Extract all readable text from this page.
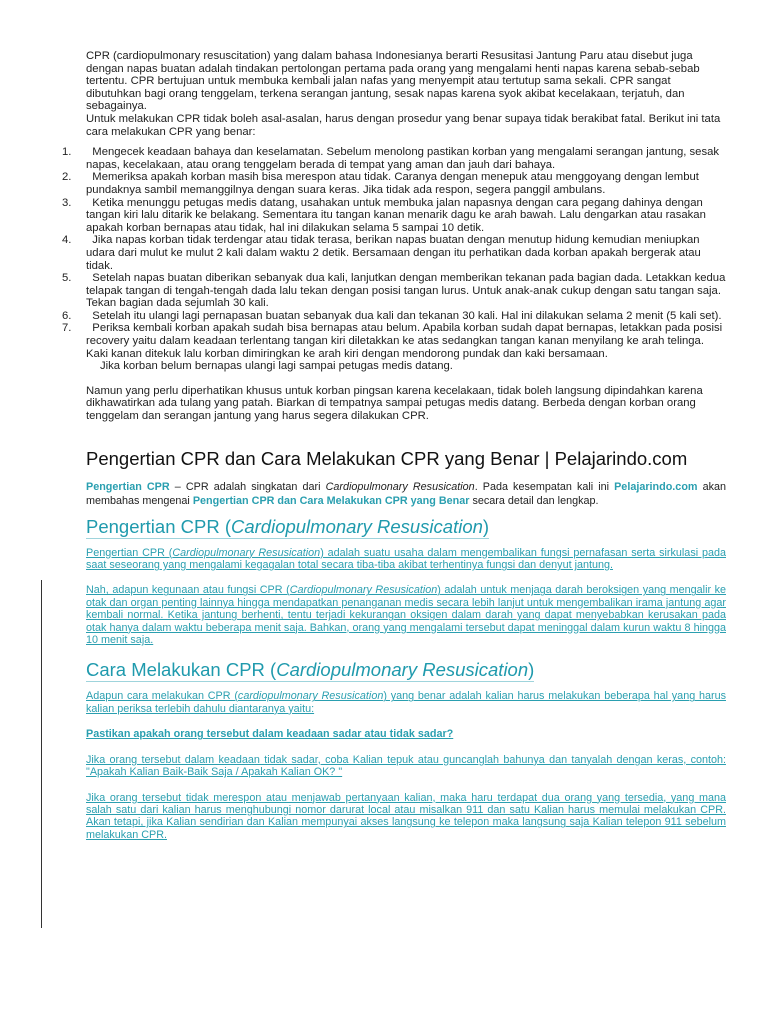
CPR (cardiopulmonary resuscitation) yang dalam bahasa Indonesianya berarti Resusitasi Jantung Paru atau disebut juga dengan napas buatan adalah tindakan pertolongan pertama pada orang yang mengalami henti napas karena sebab-sebab tertentu. CPR bertujuan untuk membuka kembali jalan nafas yang menyempit atau tertutup sama sekali. CPR sangat dibutuhkan bagi orang tenggelam, terkena serangan jantung, sesak napas karena syok akibat kecelakaan, terjatuh, dan sebagainya.

Untuk melakukan CPR tidak boleh asal-asalan, harus dengan prosedur yang benar supaya tidak berakibat fatal. Berikut ini tata cara melakukan CPR yang benar:

1. Mengecek keadaan bahaya dan keselamatan. Sebelum menolong pastikan korban yang mengalami serangan jantung, sesak napas, kecelakaan, atau orang tenggelam berada di tempat yang aman dan jauh dari bahaya.
2. Memeriksa apakah korban masih bisa merespon atau tidak. Caranya dengan menepuk atau menggoyang dengan lembut pundaknya sambil memanggilnya dengan suara keras. Jika tidak ada respon, segera panggil ambulans.
3. Ketika menunggu petugas medis datang, usahakan untuk membuka jalan napasnya dengan cara pegang dahinya dengan tangan kiri lalu ditarik ke belakang. Sementara itu tangan kanan menarik dagu ke arah bawah. Lalu dengarkan atau rasakan apakah korban bernapas atau tidak, hal ini dilakukan selama 5 sampai 10 detik.
4. Jika napas korban tidak terdengar atau tidak terasa, berikan napas buatan dengan menutup hidung kemudian meniupkan udara dari mulut ke mulut 2 kali dalam waktu 2 detik. Bersamaan dengan itu perhatikan dada korban apakah bergerak atau tidak.
5. Setelah napas buatan diberikan sebanyak dua kali, lanjutkan dengan memberikan tekanan pada bagian dada. Letakkan kedua telapak tangan di tengah-tengah dada lalu tekan dengan posisi tangan lurus. Untuk anak-anak cukup dengan satu tangan saja. Tekan bagian dada sejumlah 30 kali.
6. Setelah itu ulangi lagi pernapasan buatan sebanyak dua kali dan tekanan 30 kali. Hal ini dilakukan selama 2 menit (5 kali set).
7. Periksa kembali korban apakah sudah bisa bernapas atau belum. Apabila korban sudah dapat bernapas, letakkan pada posisi recovery yaitu dalam keadaan terlentang tangan kiri diletakkan ke atas sedangkan tangan kanan menyilang ke arah telinga. Kaki kanan ditekuk lalu korban dimiringkan ke arah kiri dengan mendorong pundak dan kaki bersamaan.
Jika korban belum bernapas ulangi lagi sampai petugas medis datang.

Namun yang perlu diperhatikan khusus untuk korban pingsan karena kecelakaan, tidak boleh langsung dipindahkan karena dikhawatirkan ada tulang yang patah. Biarkan di tempatnya sampai petugas medis datang. Berbeda dengan korban orang tenggelam dan serangan jantung yang harus segera dilakukan CPR.

Pengertian CPR dan Cara Melakukan CPR yang Benar | Pelajarindo.com

Pengertian CPR – CPR adalah singkatan dari Cardiopulmonary Resusication. Pada kesempatan kali ini Pelajarindo.com akan membahas mengenai Pengertian CPR dan Cara Melakukan CPR yang Benar secara detail dan lengkap.

Pengertian CPR (Cardiopulmonary Resusication)

Pengertian CPR (Cardiopulmonary Resusication) adalah suatu usaha dalam mengembalikan fungsi pernafasan serta sirkulasi pada saat seseorang yang mengalami kegagalan total secara tiba-tiba akibat terhentinya fungsi dan denyut jantung.

Nah, adapun kegunaan atau fungsi CPR (Cardiopulmonary Resusication) adalah untuk menjaga darah beroksigen yang mengalir ke otak dan organ penting lainnya hingga mendapatkan penanganan medis secara lebih lanjut untuk mengembalikan irama jantung agar kembali normal. Ketika jantung berhenti, tentu terjadi kekurangan oksigen dalam darah yang dapat menyebabkan kerusakan pada otak hanya dalam waktu beberapa menit saja. Bahkan, orang yang mengalami tersebut dapat meninggal dalam kurun waktu 8 hingga 10 menit saja.

Cara Melakukan CPR (Cardiopulmonary Resusication)

Adapun cara melakukan CPR (cardiopulmonary Resusication) yang benar adalah kalian harus melakukan beberapa hal yang harus kalian periksa terlebih dahulu diantaranya yaitu:

Pastikan apakah orang tersebut dalam keadaan sadar atau tidak sadar?

Jika orang tersebut dalam keadaan tidak sadar, coba Kalian tepuk atau guncanglah bahunya dan tanyalah dengan keras, contoh: "Apakah Kalian Baik-Baik Saja / Apakah Kalian OK? "

Jika orang tersebut tidak merespon atau menjawab pertanyaan kalian, maka haru terdapat dua orang yang tersedia, yang mana salah satu dari kalian harus menghubungi nomor darurat local atau misalkan 911 dan satu Kalian harus memulai melakukan CPR. Akan tetapi, jika Kalian sendirian dan Kalian mempunyai akses langsung ke telepon maka langsung saja Kalian telepon 911 sebelum melakukan CPR.
